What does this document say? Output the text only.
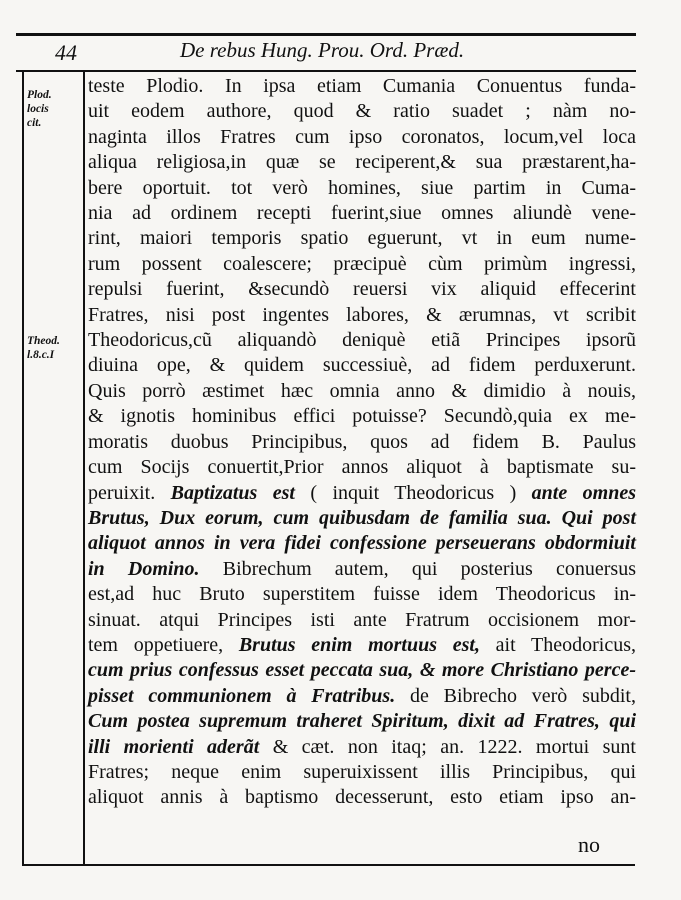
44	De rebus Hung. Prou. Ord. Præd.
Plod.
locis
cit.
Theod.
l.8.c.I
teste Plodio. In ipsa etiam Cumania Conuentus funda-
uit eodem authore, quod & ratio suadet ; nàm no-
naginta illos Fratres cum ipso coronatos, locum,vel loca
aliqua religiosa,in quæ se reciperent,& sua præstarent,ha-
bere oportuit. tot verò homines, siue partim in Cuma-
nia ad ordinem recepti fuerint,siue omnes aliundè vene-
rint, maiori temporis spatio eguerunt, vt in eum nume-
rum possent coalescere; præcipuè cùm primùm ingressi,
repulsi fuerint, &secundò reuersi vix aliquid effecerint
Fratres, nisi post ingentes labores, & ærumnas, vt scribit
Theodoricus,cũ aliquandò deniquè etiã Principes ipsorũ
diuina ope, & quidem successiuè, ad fidem perduxerunt.
Quis porrò æstimet hæc omnia anno & dimidio à nouis,
& ignotis hominibus effici potuisse? Secundò,quia ex me-
moratis duobus Principibus, quos ad fidem B. Paulus
cum Socijs conuertit,Prior annos aliquot à baptismate su-
peruixit. Baptizatus est ( inquit Theodoricus ) ante omnes
Brutus, Dux eorum, cum quibusdam de familia sua. Qui post
aliquot annos in vera fidei confessione perseuerans obdormiuit
in Domino. Bibrechum autem, qui posterius conuersus
est,ad huc Bruto superstitem fuisse idem Theodoricus in-
sinuat. atqui Principes isti ante Fratrum occisionem mor-
tem oppetiuere, Brutus enim mortuus est, ait Theodoricus,
cum prius confessus esset peccata sua, & more Christiano perce-
pisset communionem à Fratribus. de Bibrecho verò subdit,
Cum postea supremum traheret Spiritum, dixit ad Fratres, qui
illi morienti aderãt & cæt. non itaq; an. 1222. mortui sunt
Fratres; neque enim superuixissent illis Principibus, qui
aliquot annis à baptismo decesserunt, esto etiam ipso an-
no
